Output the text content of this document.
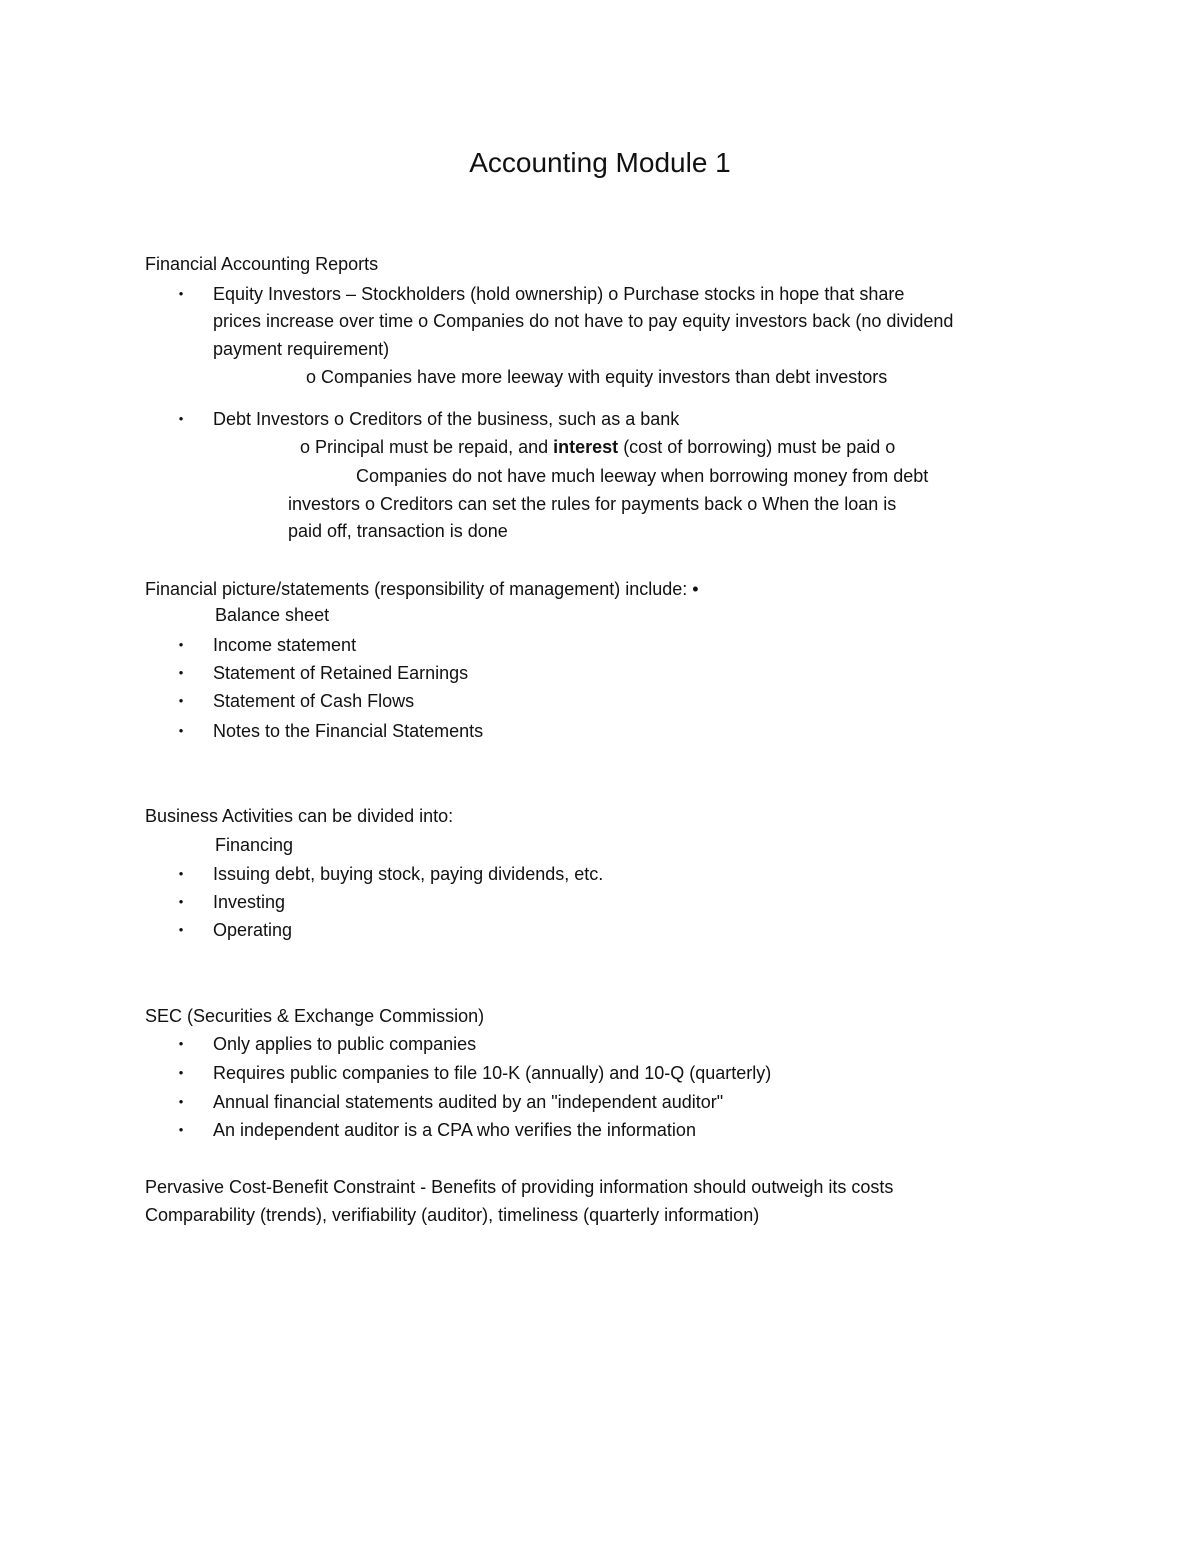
Accounting Module 1
Financial Accounting Reports
• Equity Investors – Stockholders (hold ownership) o Purchase stocks in hope that share
prices increase over time o Companies do not have to pay equity investors back (no dividend
payment requirement)
o Companies have more leeway with equity investors than debt investors
• Debt Investors o Creditors of the business, such as a bank
o Principal must be repaid, and interest (cost of borrowing) must be paid o
Companies do not have much leeway when borrowing money from debt
investors o Creditors can set the rules for payments back o When the loan is
paid off, transaction is done
Financial picture/statements (responsibility of management) include: •
Balance sheet
• Income statement
• Statement of Retained Earnings
• Statement of Cash Flows
• Notes to the Financial Statements
Business Activities can be divided into:
Financing
• Issuing debt, buying stock, paying dividends, etc.
• Investing
• Operating
SEC (Securities & Exchange Commission)
• Only applies to public companies
• Requires public companies to file 10-K (annually) and 10-Q (quarterly)
• Annual financial statements audited by an "independent auditor"
• An independent auditor is a CPA who verifies the information
Pervasive Cost-Benefit Constraint - Benefits of providing information should outweigh its costs
Comparability (trends), verifiability (auditor), timeliness (quarterly information)
